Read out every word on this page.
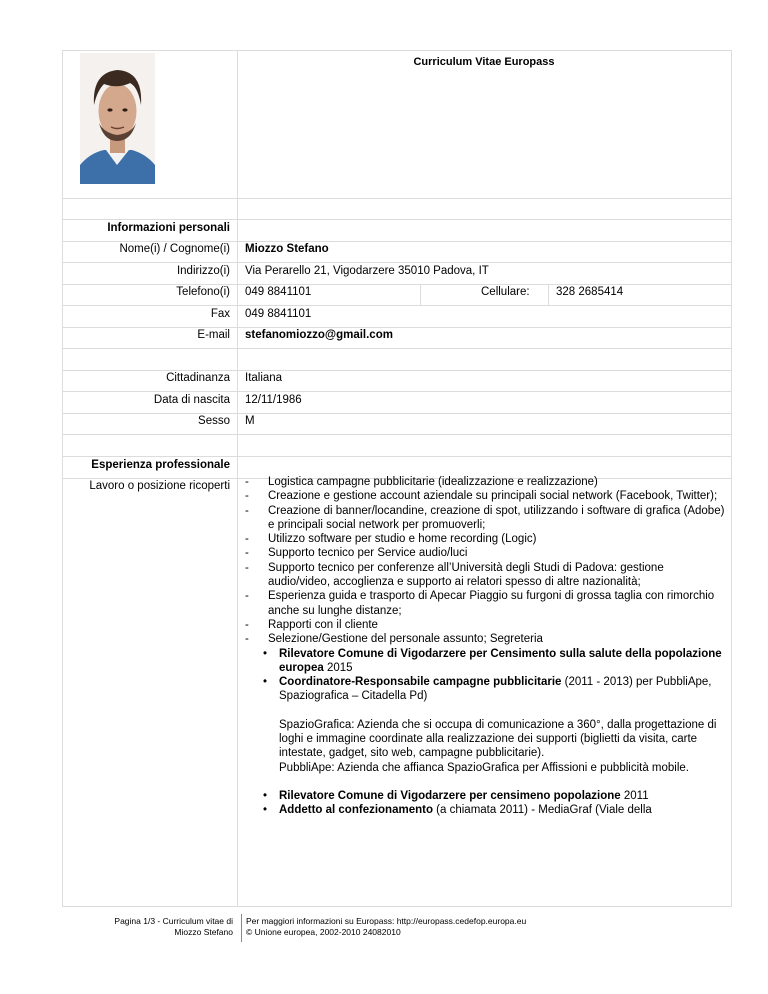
Curriculum Vitae Europass
Informazioni personali
Nome(i) / Cognome(i) Miozzo Stefano
Indirizzo(i) Via Perarello 21, Vigodarzere 35010 Padova, IT
Telefono(i) 049 8841101	Cellulare: 328 2685414
Fax 049 8841101
E-mail stefanomiozzo@gmail.com
Cittadinanza Italiana
Data di nascita 12/11/1986
Sesso M
Esperienza professionale
Lavoro o posizione ricoperti -	Logistica campagne pubblicitarie (idealizzazione e realizzazione)
-	Creazione e gestione account aziendale su principali social network (Facebook, Twitter);
-	Creazione di banner/locandine, creazione di spot, utilizzando i software di grafica (Adobe) e principali social network per promuoverli;
-	Utilizzo software per studio e home recording (Logic)
-	Supporto tecnico per Service audio/luci
-	Supporto tecnico per conferenze all’Università degli Studi di Padova: gestione audio/video, accoglienza e supporto ai relatori spesso di altre nazionalità;
-	Esperienza guida e trasporto di Apecar Piaggio su furgoni di grossa taglia con rimorchio anche su lunghe distanze;
-	Rapporti con il cliente
-	Selezione/Gestione del personale assunto; Segreteria
•	Rilevatore Comune di Vigodarzere per Censimento sulla salute della popolazione europea 2015
•	Coordinatore-Responsabile campagne pubblicitarie (2011 - 2013) per PubbliApe, Spaziografica – Citadella Pd)
SpazioGrafica: Azienda che si occupa di comunicazione a 360°, dalla progettazione di loghi e immagine coordinate alla realizzazione dei supporti (biglietti da visita, carte intestate, gadget, sito web, campagne pubblicitarie).
PubbliApe: Azienda che affianca SpazioGrafica per Affissioni e pubblicità mobile.
•	Rilevatore Comune di Vigodarzere per censimeno popolazione 2011
•	Addetto al confezionamento (a chiamata 2011) - MediaGraf (Viale della
Pagina 1/3 - Curriculum vitae di
Miozzo Stefano
Per maggiori informazioni su Europass: http://europass.cedefop.europa.eu
© Unione europea, 2002-2010 24082010
